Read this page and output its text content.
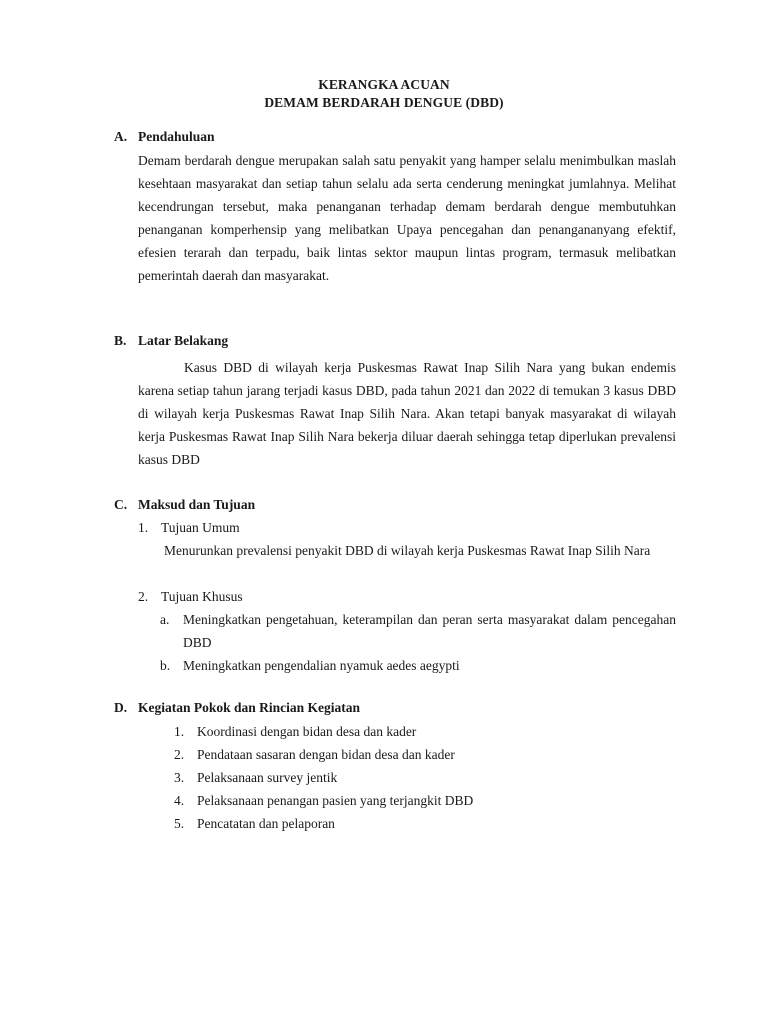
KERANGKA ACUAN
DEMAM BERDARAH DENGUE (DBD)
A. Pendahuluan
Demam berdarah dengue merupakan salah satu penyakit yang hamper selalu menimbulkan maslah kesehtaan masyarakat dan setiap tahun selalu ada serta cenderung meningkat jumlahnya. Melihat kecendrungan tersebut, maka penanganan terhadap demam berdarah dengue membutuhkan penanganan komperhensip yang melibatkan Upaya pencegahan dan penangananyang efektif, efesien terarah dan terpadu, baik lintas sektor maupun lintas program, termasuk melibatkan pemerintah daerah dan masyarakat.
B. Latar Belakang
Kasus DBD di wilayah kerja Puskesmas Rawat Inap Silih Nara yang bukan endemis karena setiap tahun jarang terjadi kasus DBD, pada tahun 2021 dan 2022 di temukan 3 kasus DBD di wilayah kerja Puskesmas Rawat Inap Silih Nara. Akan tetapi banyak masyarakat di wilayah kerja Puskesmas Rawat Inap Silih Nara bekerja diluar daerah sehingga tetap diperlukan prevalensi kasus DBD
C. Maksud dan Tujuan
1. Tujuan Umum
Menurunkan prevalensi penyakit DBD di wilayah kerja Puskesmas Rawat Inap Silih Nara
2. Tujuan Khusus
a. Meningkatkan pengetahuan, keterampilan dan peran serta masyarakat dalam pencegahan DBD
b. Meningkatkan pengendalian nyamuk aedes aegypti
D. Kegiatan Pokok dan Rincian Kegiatan
1. Koordinasi dengan bidan desa dan kader
2. Pendataan sasaran dengan bidan desa dan kader
3. Pelaksanaan survey jentik
4. Pelaksanaan penangan pasien yang terjangkit DBD
5. Pencatatan dan pelaporan
